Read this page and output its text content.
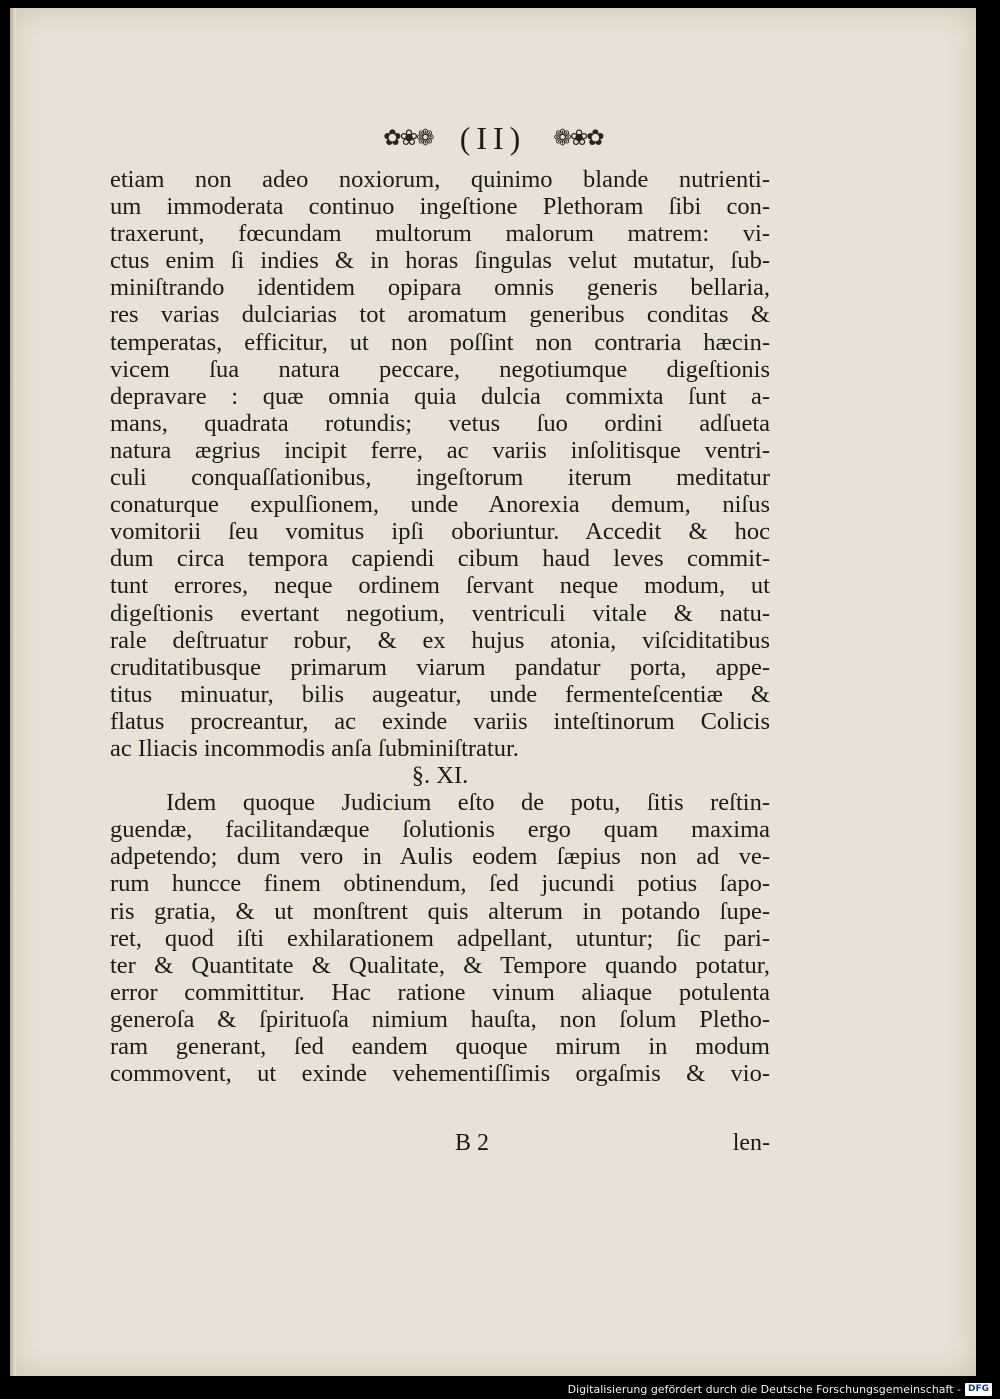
✿❀❁ (II) ❁❀✿
etiam non adeo noxiorum, quinimo blande nutrienti-
um immoderata continuo ingeſtione Plethoram ſibi con-
traxerunt, fœcundam multorum malorum matrem: vi-
ctus enim ſi indies & in horas ſingulas velut mutatur, ſub-
miniſtrando identidem opipara omnis generis bellaria,
res varias dulciarias tot aromatum generibus conditas &
temperatas, efficitur, ut non poſſint non contraria hæcin-
vicem ſua natura peccare, negotiumque digeſtionis
depravare : quæ omnia quia dulcia commixta ſunt a-
mans, quadrata rotundis; vetus ſuo ordini adſueta
natura ægrius incipit ferre, ac variis inſolitisque ventri-
culi conquaſſationibus, ingeſtorum iterum meditatur
conaturque expulſionem, unde Anorexia demum, niſus
vomitorii ſeu vomitus ipſi oboriuntur. Accedit & hoc
dum circa tempora capiendi cibum haud leves commit-
tunt errores, neque ordinem ſervant neque modum, ut
digeſtionis evertant negotium, ventriculi vitale & natu-
rale deſtruatur robur, & ex hujus atonia, viſciditatibus
cruditatibusque primarum viarum pandatur porta, appe-
titus minuatur, bilis augeatur, unde fermenteſcentiæ &
flatus procreantur, ac exinde variis inteſtinorum Colicis
ac Iliacis incommodis anſa ſubminiſtratur.
§. XI.
Idem quoque Judicium eſto de potu, ſitis reſtin-
guendæ, facilitandæque ſolutionis ergo quam maxima
adpetendo; dum vero in Aulis eodem ſæpius non ad ve-
rum huncce finem obtinendum, ſed jucundi potius ſapo-
ris gratia, & ut monſtrent quis alterum in potando ſupe-
ret, quod iſti exhilarationem adpellant, utuntur; ſic pari-
ter & Quantitate & Qualitate, & Tempore quando potatur,
error committitur. Hac ratione vinum aliaque potulenta
generoſa & ſpirituoſa nimium hauſta, non ſolum Pletho-
ram generant, ſed eandem quoque mirum in modum
commovent, ut exinde vehementiſſimis orgaſmis & vio-
B 2	len-
Digitalisierung gefördert durch die Deutsche Forschungsgemeinschaft - DFG
